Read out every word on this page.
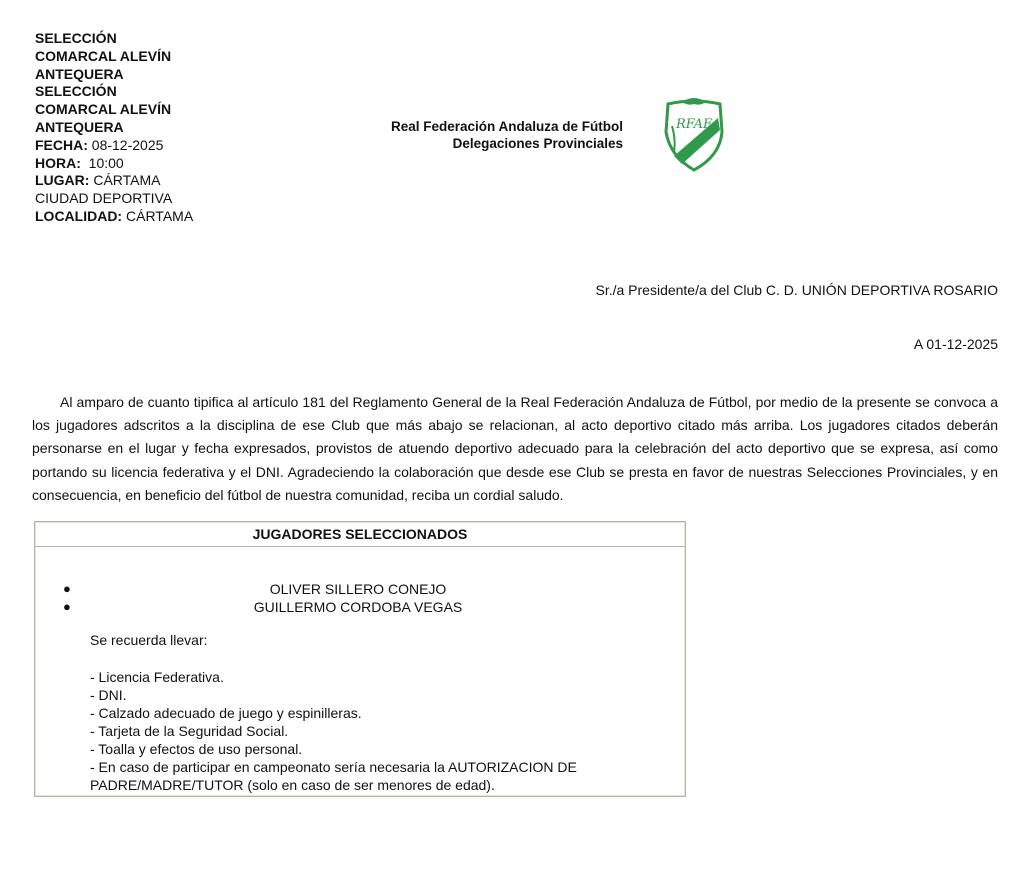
SELECCIÓN
COMARCAL ALEVÍN
ANTEQUERA
SELECCIÓN
COMARCAL ALEVÍN
ANTEQUERA
FECHA: 08-12-2025
HORA: 10:00
LUGAR: CÁRTAMA
CIUDAD DEPORTIVA
LOCALIDAD: CÁRTAMA
Real Federación Andaluza de Fútbol
Delegaciones Provinciales
RFAF
Sr./a Presidente/a del Club C. D. UNIÓN DEPORTIVA ROSARIO
A 01-12-2025
Al amparo de cuanto tipifica al artículo 181 del Reglamento General de la Real Federación Andaluza de Fútbol, por medio de la presente se convoca a los jugadores adscritos a la disciplina de ese Club que más abajo se relacionan, al acto deportivo citado más arriba. Los jugadores citados deberán personarse en el lugar y fecha expresados, provistos de atuendo deportivo adecuado para la celebración del acto deportivo que se expresa, así como portando su licencia federativa y el DNI. Agradeciendo la colaboración que desde ese Club se presta en favor de nuestras Selecciones Provinciales, y en consecuencia, en beneficio del fútbol de nuestra comunidad, reciba un cordial saludo.
JUGADORES SELECCIONADOS
●	OLIVER SILLERO CONEJO
●	GUILLERMO CORDOBA VEGAS
Se recuerda llevar:
- Licencia Federativa.
- DNI.
- Calzado adecuado de juego y espinilleras.
- Tarjeta de la Seguridad Social.
- Toalla y efectos de uso personal.
- En caso de participar en campeonato sería necesaria la AUTORIZACION DE
PADRE/MADRE/TUTOR (solo en caso de ser menores de edad).
